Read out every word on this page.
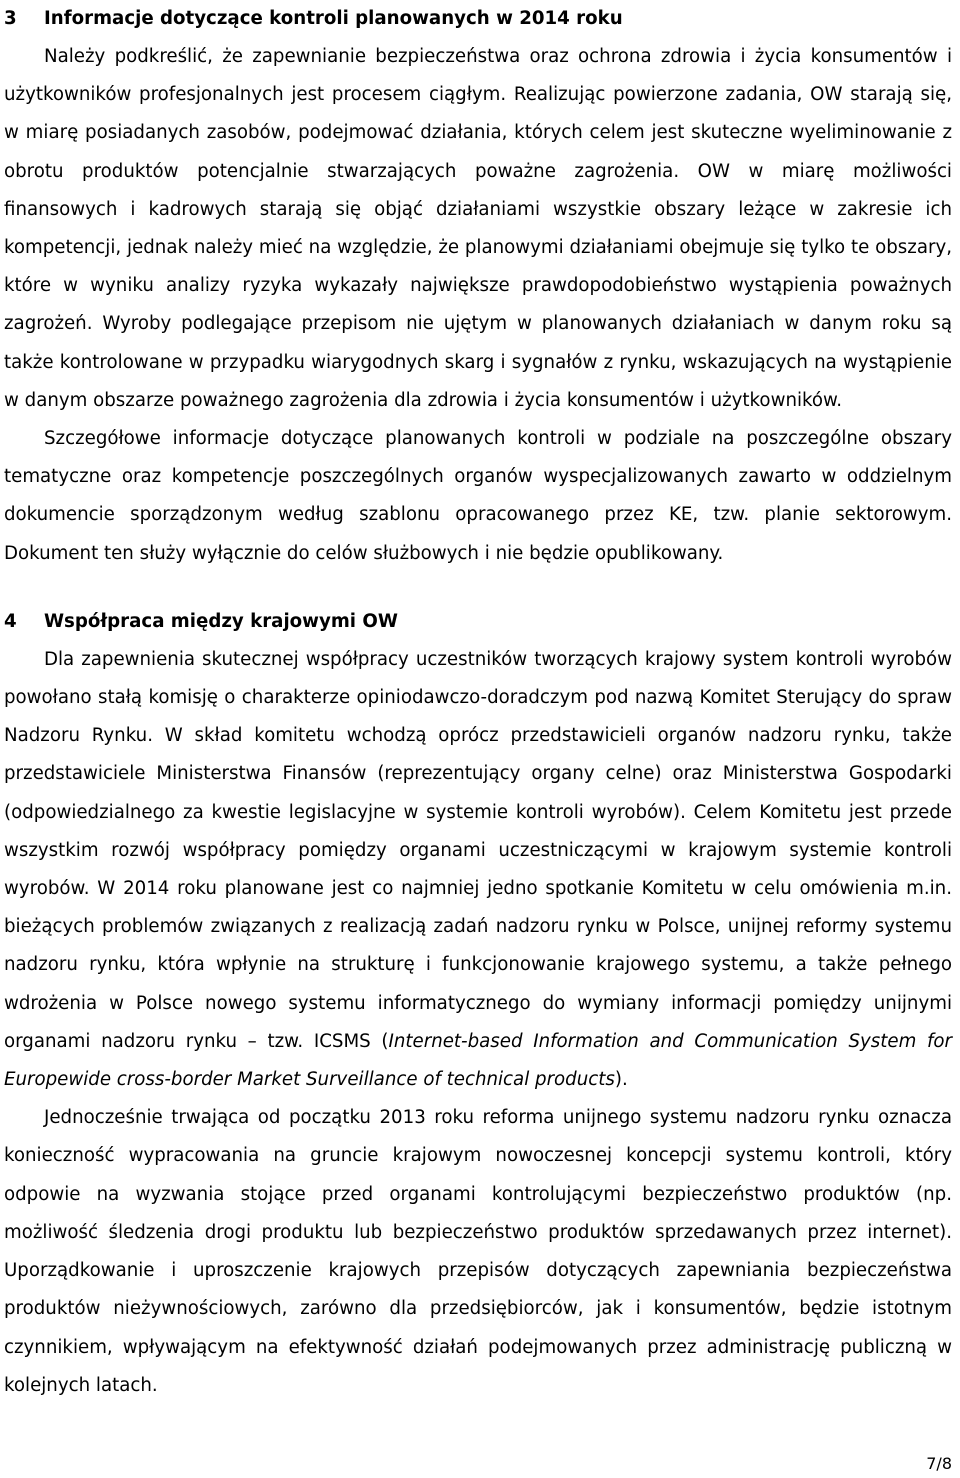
3	Informacje dotyczące kontroli planowanych w 2014 roku

Należy podkreślić, że zapewnianie bezpieczeństwa oraz ochrona zdrowia i życia konsumentów i użytkowników profesjonalnych jest procesem ciągłym. Realizując powierzone zadania, OW starają się, w miarę posiadanych zasobów, podejmować działania, których celem jest skuteczne wyeliminowanie z obrotu produktów potencjalnie stwarzających poważne zagrożenia. OW w miarę możliwości finansowych i kadrowych starają się objąć działaniami wszystkie obszary leżące w zakresie ich kompetencji, jednak należy mieć na względzie, że planowymi działaniami obejmuje się tylko te obszary, które w wyniku analizy ryzyka wykazały największe prawdopodobieństwo wystąpienia poważnych zagrożeń. Wyroby podlegające przepisom nie ujętym w planowanych działaniach w danym roku są także kontrolowane w przypadku wiarygodnych skarg i sygnałów z rynku, wskazujących na wystąpienie w danym obszarze poważnego zagrożenia dla zdrowia i życia konsumentów i użytkowników.

Szczegółowe informacje dotyczące planowanych kontroli w podziale na poszczególne obszary tematyczne oraz kompetencje poszczególnych organów wyspecjalizowanych zawarto w oddzielnym dokumencie sporządzonym według szablonu opracowanego przez KE, tzw. planie sektorowym. Dokument ten służy wyłącznie do celów służbowych i nie będzie opublikowany.

4	Współpraca między krajowymi OW

Dla zapewnienia skutecznej współpracy uczestników tworzących krajowy system kontroli wyrobów powołano stałą komisję o charakterze opiniodawczo-doradczym pod nazwą Komitet Sterujący do spraw Nadzoru Rynku. W skład komitetu wchodzą oprócz przedstawicieli organów nadzoru rynku, także przedstawiciele Ministerstwa Finansów (reprezentujący organy celne) oraz Ministerstwa Gospodarki (odpowiedzialnego za kwestie legislacyjne w systemie kontroli wyrobów). Celem Komitetu jest przede wszystkim rozwój współpracy pomiędzy organami uczestniczącymi w krajowym systemie kontroli wyrobów. W 2014 roku planowane jest co najmniej jedno spotkanie Komitetu w celu omówienia m.in. bieżących problemów związanych z realizacją zadań nadzoru rynku w Polsce, unijnej reformy systemu nadzoru rynku, która wpłynie na strukturę i funkcjonowanie krajowego systemu, a także pełnego wdrożenia w Polsce nowego systemu informatycznego do wymiany informacji pomiędzy unijnymi organami nadzoru rynku – tzw. ICSMS (Internet-based Information and Communication System for Europewide cross-border Market Surveillance of technical products).

Jednocześnie trwająca od początku 2013 roku reforma unijnego systemu nadzoru rynku oznacza konieczność wypracowania na gruncie krajowym nowoczesnej koncepcji systemu kontroli, który odpowie na wyzwania stojące przed organami kontrolującymi bezpieczeństwo produktów (np. możliwość śledzenia drogi produktu lub bezpieczeństwo produktów sprzedawanych przez internet). Uporządkowanie i uproszczenie krajowych przepisów dotyczących zapewniania bezpieczeństwa produktów nieżywnościowych, zarówno dla przedsiębiorców, jak i konsumentów, będzie istotnym czynnikiem, wpływającym na efektywność działań podejmowanych przez administrację publiczną w kolejnych latach.

7/8
